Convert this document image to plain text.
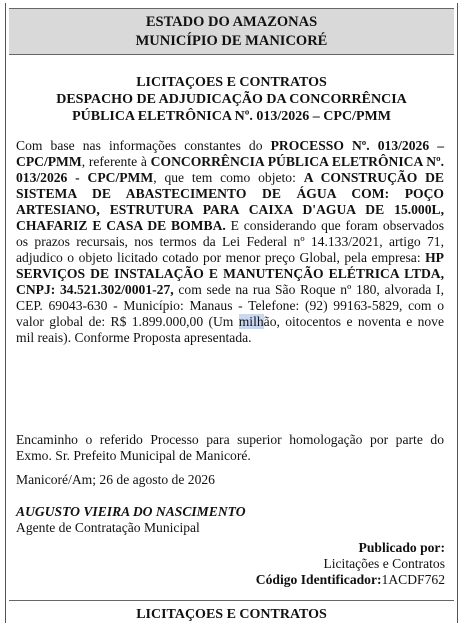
ESTADO DO AMAZONAS
MUNICÍPIO DE MANICORÉ
LICITAÇOES E CONTRATOS
DESPACHO DE ADJUDICAÇÃO DA CONCORRÊNCIA
PÚBLICA ELETRÔNICA Nº. 013/2026 – CPC/PMM

Com base nas informações constantes do PROCESSO Nº. 013/2026 – CPC/PMM, referente à CONCORRÊNCIA PÚBLICA ELETRÔNICA Nº. 013/2026 - CPC/PMM, que tem como objeto: A CONSTRUÇÃO DE SISTEMA DE ABASTECIMENTO DE ÁGUA COM: POÇO ARTESIANO, ESTRUTURA PARA CAIXA D'AGUA DE 15.000L, CHAFARIZ E CASA DE BOMBA. E considerando que foram observados os prazos recursais, nos termos da Lei Federal nº 14.133/2021, artigo 71, adjudico o objeto licitado cotado por menor preço Global, pela empresa: HP SERVIÇOS DE INSTALAÇÃO E MANUTENÇÃO ELÉTRICA LTDA, CNPJ: 34.521.302/0001-27, com sede na rua São Roque nº 180, alvorada I, CEP. 69043-630 - Município: Manaus - Telefone: (92) 99163-5829, com o valor global de: R$ 1.899.000,00 (Um milhão, oitocentos e noventa e nove mil reais). Conforme Proposta apresentada.

Encaminho o referido Processo para superior homologação por parte do Exmo. Sr. Prefeito Municipal de Manicoré.

Manicoré/Am; 26 de agosto de 2026
AUGUSTO VIEIRA DO NASCIMENTO
Agente de Contratação Municipal
Publicado por:
Licitações e Contratos
Código Identificador:1ACDF762
LICITAÇOES E CONTRATOS
